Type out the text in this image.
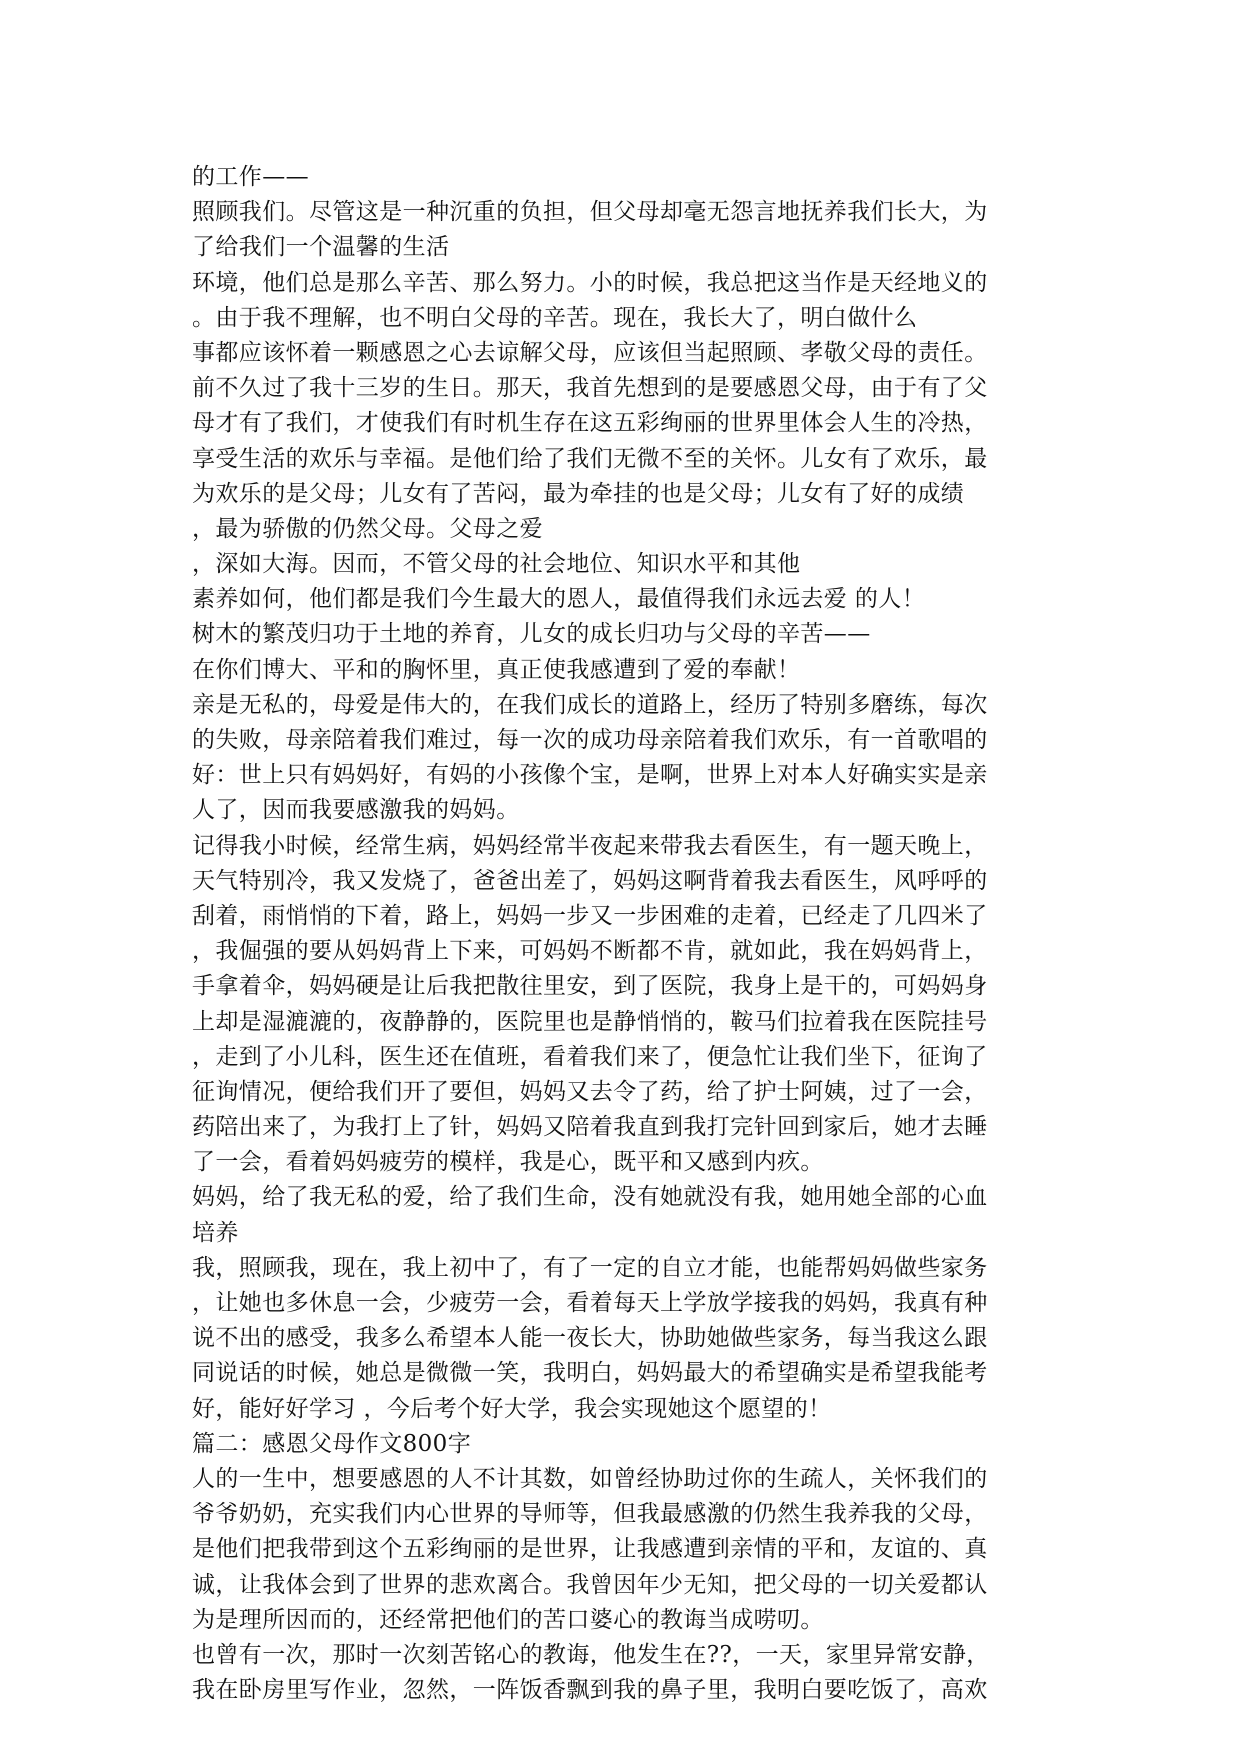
的工作——
照顾我们。尽管这是一种沉重的负担，但父母却毫无怨言地抚养我们长大，为
了给我们一个温馨的生活
环境，他们总是那么辛苦、那么努力。小的时候，我总把这当作是天经地义的
。由于我不理解，也不明白父母的辛苦。现在，我长大了，明白做什么
事都应该怀着一颗感恩之心去谅解父母，应该但当起照顾、孝敬父母的责任。
前不久过了我十三岁的生日。那天，我首先想到的是要感恩父母，由于有了父
母才有了我们，才使我们有时机生存在这五彩绚丽的世界里体会人生的冷热，
享受生活的欢乐与幸福。是他们给了我们无微不至的关怀。儿女有了欢乐，最
为欢乐的是父母；儿女有了苦闷，最为牵挂的也是父母；儿女有了好的成绩
，最为骄傲的仍然父母。父母之爱
，深如大海。因而，不管父母的社会地位、知识水平和其他
素养如何，他们都是我们今生最大的恩人，最值得我们永远去爱 的人！
树木的繁茂归功于土地的养育，儿女的成长归功与父母的辛苦——
在你们博大、平和的胸怀里，真正使我感遭到了爱的奉献！
亲是无私的，母爱是伟大的，在我们成长的道路上，经历了特别多磨练，每次
的失败，母亲陪着我们难过，每一次的成功母亲陪着我们欢乐，有一首歌唱的
好：世上只有妈妈好，有妈的小孩像个宝，是啊，世界上对本人好确实实是亲
人了，因而我要感激我的妈妈。
记得我小时候，经常生病，妈妈经常半夜起来带我去看医生，有一题天晚上，
天气特别冷，我又发烧了，爸爸出差了，妈妈这啊背着我去看医生，风呼呼的
刮着，雨悄悄的下着，路上，妈妈一步又一步困难的走着，已经走了几四米了
，我倔强的要从妈妈背上下来，可妈妈不断都不肯，就如此，我在妈妈背上，
手拿着伞，妈妈硬是让后我把散往里安，到了医院，我身上是干的，可妈妈身
上却是湿漉漉的，夜静静的，医院里也是静悄悄的，鞍马们拉着我在医院挂号
，走到了小儿科，医生还在值班，看着我们来了，便急忙让我们坐下，征询了
征询情况，便给我们开了要但，妈妈又去令了药，给了护士阿姨，过了一会，
药陪出来了，为我打上了针，妈妈又陪着我直到我打完针回到家后，她才去睡
了一会，看着妈妈疲劳的模样，我是心，既平和又感到内疚。
妈妈，给了我无私的爱，给了我们生命，没有她就没有我，她用她全部的心血
培养
我，照顾我，现在，我上初中了，有了一定的自立才能，也能帮妈妈做些家务
，让她也多休息一会，少疲劳一会，看着每天上学放学接我的妈妈，我真有种
说不出的感受，我多么希望本人能一夜长大，协助她做些家务，每当我这么跟
同说话的时候，她总是微微一笑，我明白，妈妈最大的希望确实是希望我能考
好，能好好学习 ，今后考个好大学，我会实现她这个愿望的！
篇二：感恩父母作文800字
人的一生中，想要感恩的人不计其数，如曾经协助过你的生疏人，关怀我们的
爷爷奶奶，充实我们内心世界的导师等，但我最感激的仍然生我养我的父母，
是他们把我带到这个五彩绚丽的是世界，让我感遭到亲情的平和，友谊的、真
诚，让我体会到了世界的悲欢离合。我曾因年少无知，把父母的一切关爱都认
为是理所因而的，还经常把他们的苦口婆心的教诲当成唠叨。
也曾有一次，那时一次刻苦铭心的教诲，他发生在??，一天，家里异常安静，
我在卧房里写作业，忽然，一阵饭香飘到我的鼻子里，我明白要吃饭了，高欢
